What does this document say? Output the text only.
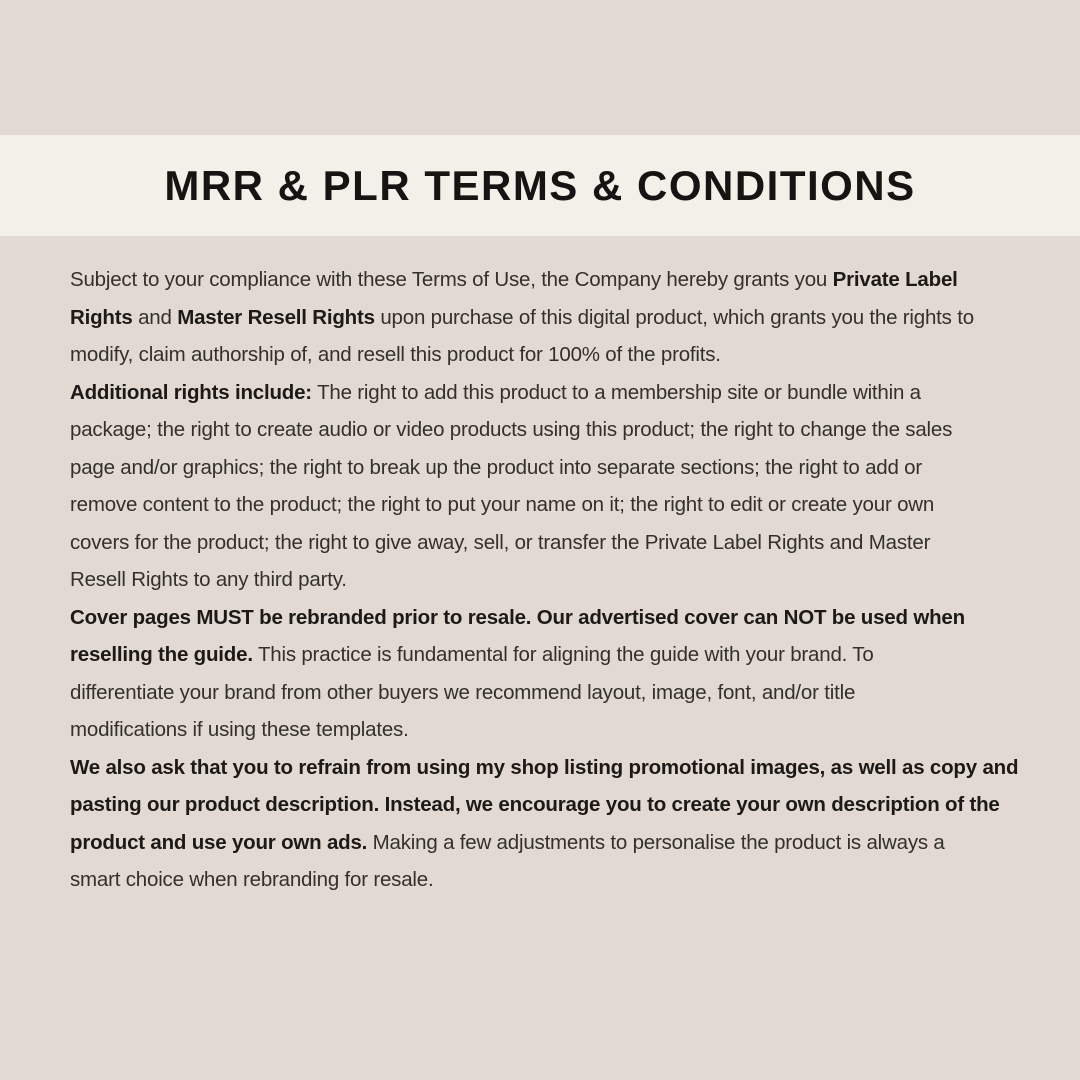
MRR & PLR TERMS & CONDITIONS
Subject to your compliance with these Terms of Use, the Company hereby grants you Private Label
Rights and Master Resell Rights upon purchase of this digital product, which grants you the rights to
modify, claim authorship of, and resell this product for 100% of the profits.
Additional rights include: The right to add this product to a membership site or bundle within a
package; the right to create audio or video products using this product; the right to change the sales
page and/or graphics; the right to break up the product into separate sections; the right to add or
remove content to the product; the right to put your name on it; the right to edit or create your own
covers for the product; the right to give away, sell, or transfer the Private Label Rights and Master
Resell Rights to any third party.
Cover pages MUST be rebranded prior to resale. Our advertised cover can NOT be used when
reselling the guide. This practice is fundamental for aligning the guide with your brand. To
differentiate your brand from other buyers we recommend layout, image, font, and/or title
modifications if using these templates.
We also ask that you to refrain from using my shop listing promotional images, as well as copy and
pasting our product description. Instead, we encourage you to create your own description of the
product and use your own ads. Making a few adjustments to personalise the product is always a
smart choice when rebranding for resale.
